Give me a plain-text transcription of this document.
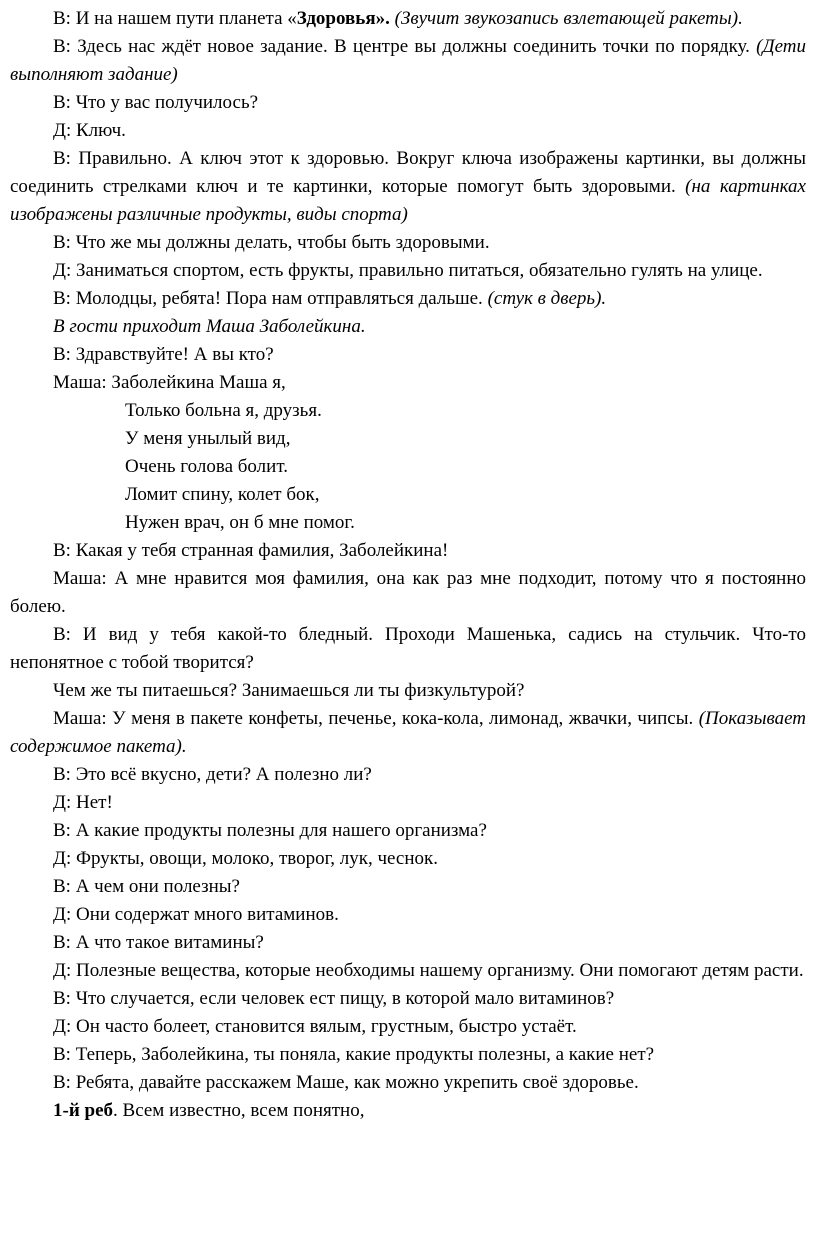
В: И на нашем пути планета «Здоровья». (Звучит звукозапись взлетающей ракеты).

В: Здесь нас ждёт новое задание. В центре вы должны соединить точки по порядку. (Дети выполняют задание)

В: Что у вас получилось?

Д: Ключ.

В: Правильно. А ключ этот к здоровью. Вокруг ключа изображены картинки, вы должны соединить стрелками ключ и те картинки, которые помогут быть здоровыми. (на картинках изображены различные продукты, виды спорта)

В: Что же мы должны делать, чтобы быть здоровыми.

Д: Заниматься спортом, есть фрукты, правильно питаться, обязательно гулять на улице.

В: Молодцы, ребята! Пора нам отправляться дальше. (стук в дверь).

В гости приходит Маша Заболейкина.

В: Здравствуйте! А вы кто?

Маша: Заболейкина Маша я,

Только больна я, друзья.

У меня унылый вид,

Очень голова болит.

Ломит спину, колет бок,

Нужен врач, он б мне помог.

В: Какая у тебя странная фамилия, Заболейкина!

Маша: А мне нравится моя фамилия, она как раз мне подходит, потому что я постоянно болею.

В: И вид у тебя какой-то бледный. Проходи Машенька, садись на стульчик. Что-то непонятное с тобой творится?

Чем же ты питаешься? Занимаешься ли ты физкультурой?

Маша: У меня в пакете конфеты, печенье, кока-кола, лимонад, жвачки, чипсы. (Показывает содержимое пакета).

В: Это всё вкусно, дети? А полезно ли?

Д: Нет!

В: А какие продукты полезны для нашего организма?

Д: Фрукты, овощи, молоко, творог, лук, чеснок.

В: А чем они полезны?

Д: Они содержат много витаминов.

В: А что такое витамины?

Д: Полезные вещества, которые необходимы нашему организму. Они помогают детям расти.

В: Что случается, если человек ест пищу, в которой мало витаминов?

Д: Он часто болеет, становится вялым, грустным, быстро устаёт.

В: Теперь, Заболейкина, ты поняла, какие продукты полезны, а какие нет?

В: Ребята, давайте расскажем Маше, как можно укрепить своё здоровье.

1-й реб. Всем известно, всем понятно,
